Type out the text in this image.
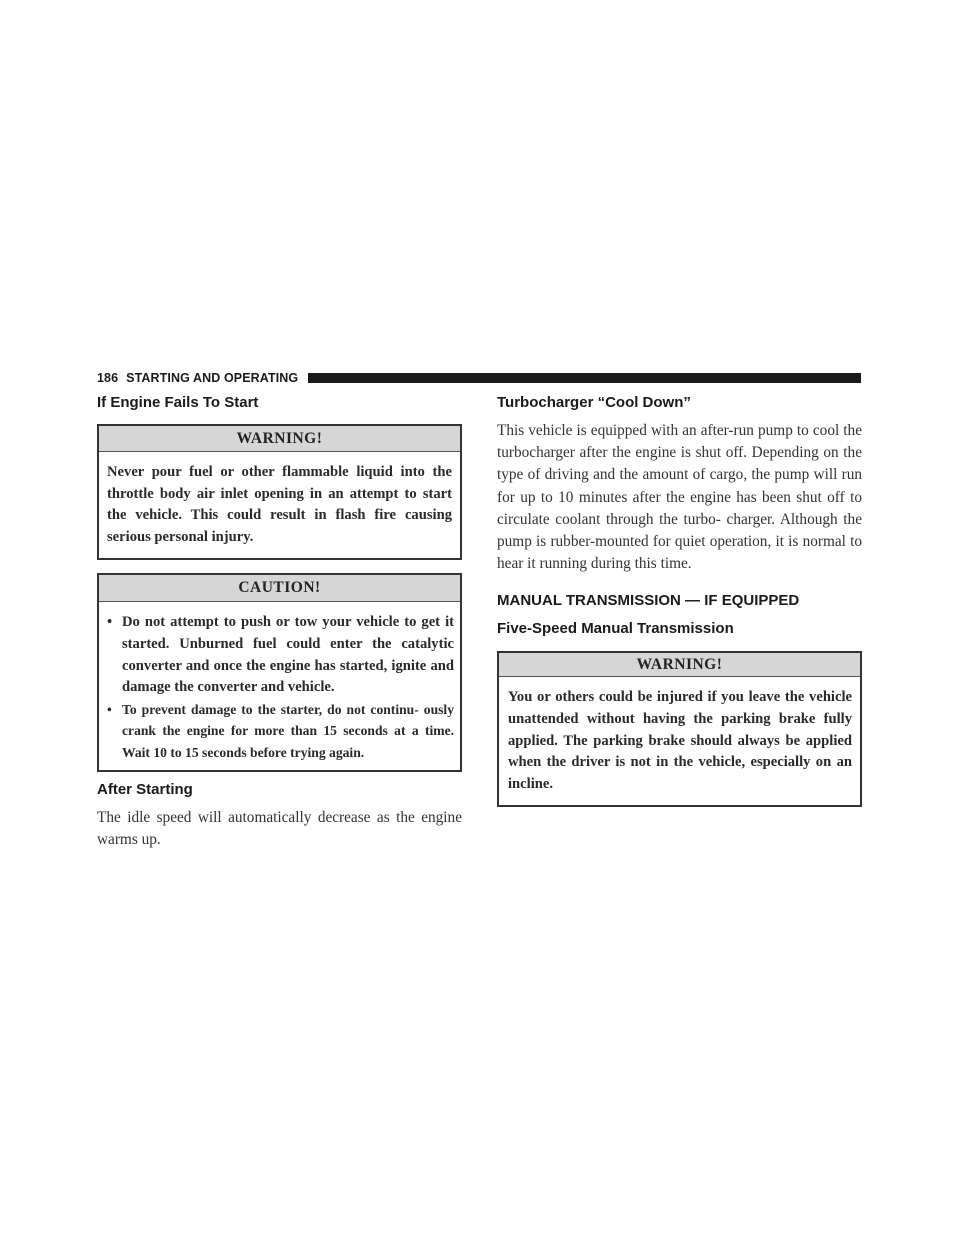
186 STARTING AND OPERATING
If Engine Fails To Start
WARNING!
Never pour fuel or other flammable liquid into the throttle body air inlet opening in an attempt to start the vehicle. This could result in flash fire causing serious personal injury.
CAUTION!
• Do not attempt to push or tow your vehicle to get it started. Unburned fuel could enter the catalytic converter and once the engine has started, ignite and damage the converter and vehicle.
• To prevent damage to the starter, do not continu- ously crank the engine for more than 15 seconds at a time. Wait 10 to 15 seconds before trying again.
After Starting

The idle speed will automatically decrease as the engine warms up.

Turbocharger “Cool Down”

This vehicle is equipped with an after-run pump to cool the turbocharger after the engine is shut off. Depending on the type of driving and the amount of cargo, the pump will run for up to 10 minutes after the engine has been shut off to circulate coolant through the turbo- charger. Although the pump is rubber-mounted for quiet operation, it is normal to hear it running during this time.

MANUAL TRANSMISSION — IF EQUIPPED
Five-Speed Manual Transmission
WARNING!
You or others could be injured if you leave the vehicle unattended without having the parking brake fully applied. The parking brake should always be applied when the driver is not in the vehicle, especially on an incline.
